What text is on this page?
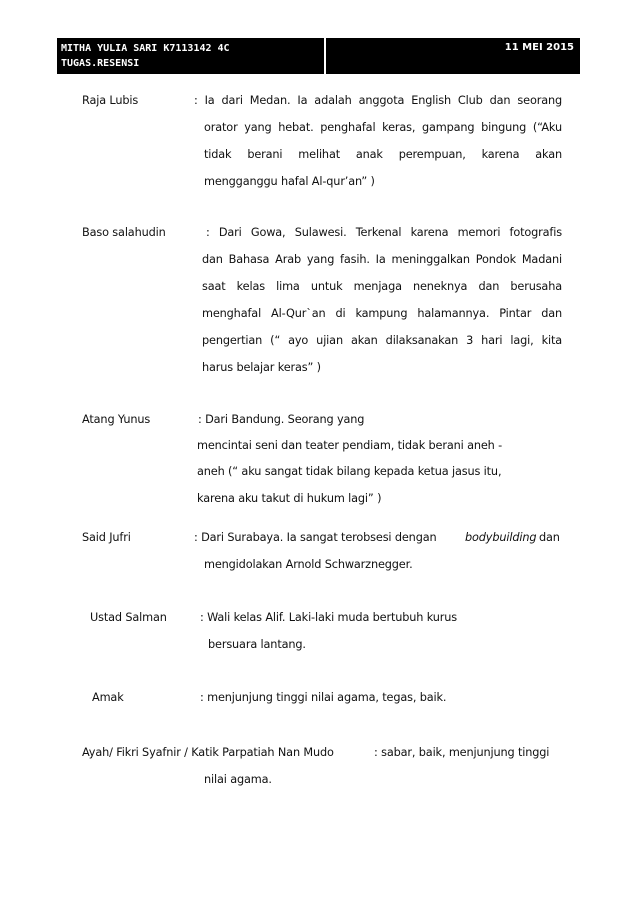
MITHA YULIA SARI K7113142 4C
TUGAS.RESENSI
11 MEI 2015
Raja Lubis	: Ia dari Medan. Ia adalah anggota English Club dan seorang
orator yang hebat. penghafal keras, gampang bingung (“Aku
tidak berani melihat anak perempuan, karena akan
mengganggu hafal Al-qur’an” )
Baso salahudin	: Dari Gowa, Sulawesi. Terkenal karena memori fotografis
dan Bahasa Arab yang fasih. Ia meninggalkan Pondok Madani
saat kelas lima untuk menjaga neneknya dan berusaha
menghafal Al-Qur`an di kampung halamannya. Pintar dan
pengertian (“ ayo ujian akan dilaksanakan 3 hari lagi, kita
harus belajar keras” )
Atang Yunus	: Dari Bandung. Seorang yang
mencintai seni dan teater pendiam, tidak berani aneh -
aneh (“ aku sangat tidak bilang kepada ketua jasus itu,
karena aku takut di hukum lagi” )
Said Jufri	: Dari Surabaya. Ia sangat terobsesi dengan	bodybuilding dan
mengidolakan Arnold Schwarznegger.
Ustad Salman	: Wali kelas Alif. Laki-laki muda bertubuh kurus
bersuara lantang.
Amak	: menjunjung tinggi nilai agama, tegas, baik.
Ayah/ Fikri Syafnir / Katik Parpatiah Nan Mudo	: sabar, baik, menjunjung tinggi
nilai agama.
